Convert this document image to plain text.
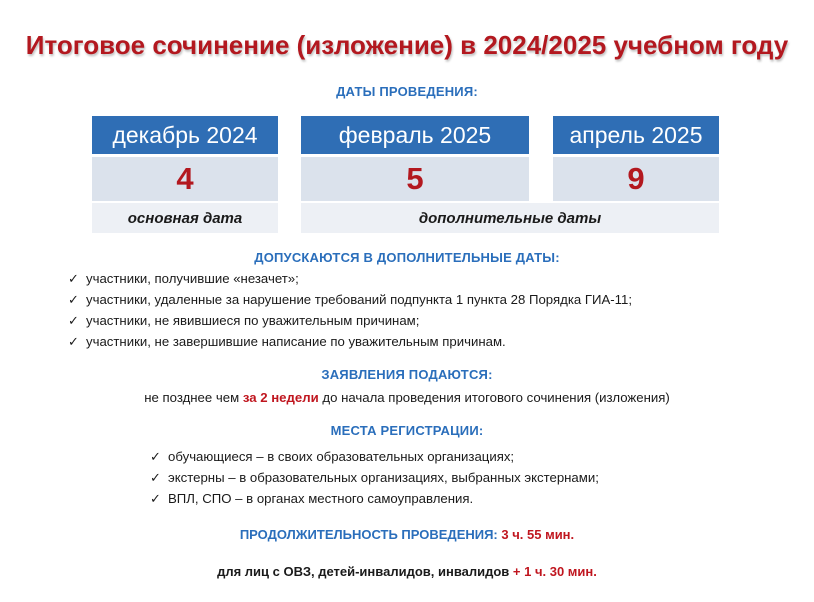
Итоговое сочинение (изложение) в 2024/2025 учебном году
ДАТЫ ПРОВЕДЕНИЯ:
декабрь 2024	февраль 2025	апрель 2025
4	5	9
основная дата	дополнительные даты
ДОПУСКАЮТСЯ В ДОПОЛНИТЕЛЬНЫЕ ДАТЫ:
✓ участники, получившие «незачет»;
✓ участники, удаленные за нарушение требований подпункта 1 пункта 28 Порядка ГИА-11;
✓ участники, не явившиеся по уважительным причинам;
✓ участники, не завершившие написание по уважительным причинам.
ЗАЯВЛЕНИЯ ПОДАЮТСЯ:
не позднее чем за 2 недели до начала проведения итогового сочинения (изложения)
МЕСТА РЕГИСТРАЦИИ:
✓ обучающиеся – в своих образовательных организациях;
✓ экстерны – в образовательных организациях, выбранных экстернами;
✓ ВПЛ, СПО – в органах местного самоуправления.
ПРОДОЛЖИТЕЛЬНОСТЬ ПРОВЕДЕНИЯ: 3 ч. 55 мин.
для лиц с ОВЗ, детей-инвалидов, инвалидов + 1 ч. 30 мин.
